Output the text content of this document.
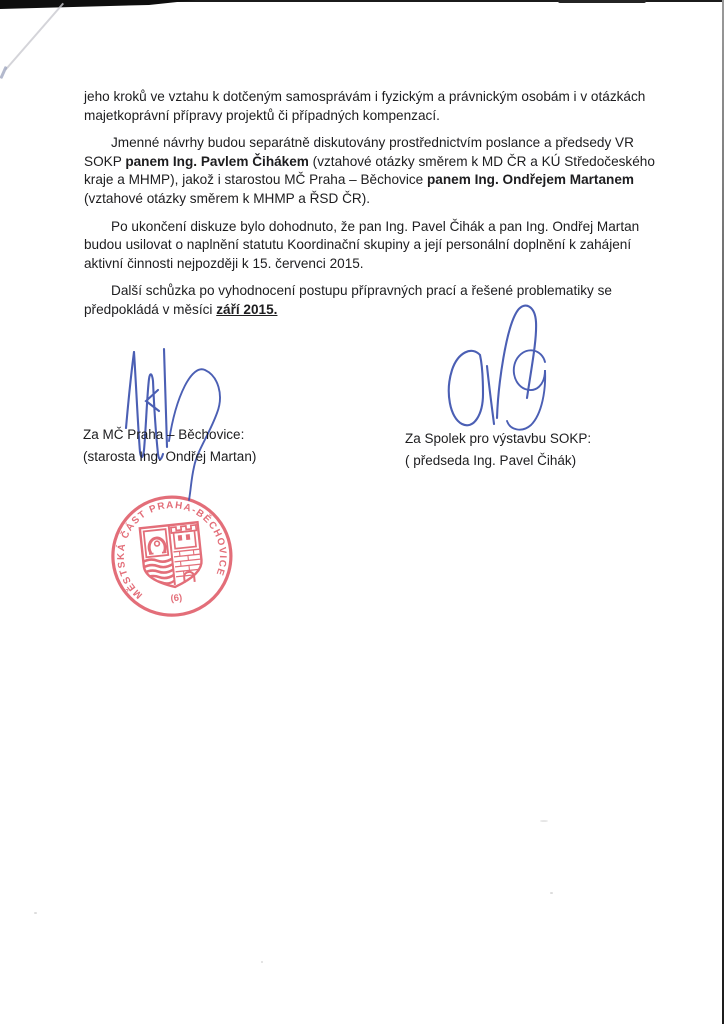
jeho kroků ve vztahu k dotčeným samosprávám i fyzickým a právnickým osobám i v otázkách majetkoprávní přípravy projektů či případných kompenzací.

Jmenné návrhy budou separátně diskutovány prostřednictvím poslance a předsedy VR SOKP panem Ing. Pavlem Čihákem (vztahové otázky směrem k MD ČR a KÚ Středočeského kraje a MHMP), jakož i starostou MČ Praha – Běchovice panem Ing. Ondřejem Martanem (vztahové otázky směrem k MHMP a ŘSD ČR).

Po ukončení diskuze bylo dohodnuto, že pan Ing. Pavel Čihák a pan Ing. Ondřej Martan budou usilovat o naplnění statutu Koordinační skupiny a její personální doplnění k zahájení aktivní činnosti nejpozději k 15. červenci 2015.

Další schůzka po vyhodnocení postupu přípravných prací a řešené problematiky se předpokládá v měsíci září 2015.

MĚSTSKÁ ČÁST PRAHA-BĚCHOVICE
(6)
Za MČ Praha – Běchovice:
(starosta Ing. Ondřej Martan)
Za Spolek pro výstavbu SOKP:
( předseda Ing. Pavel Čihák)
